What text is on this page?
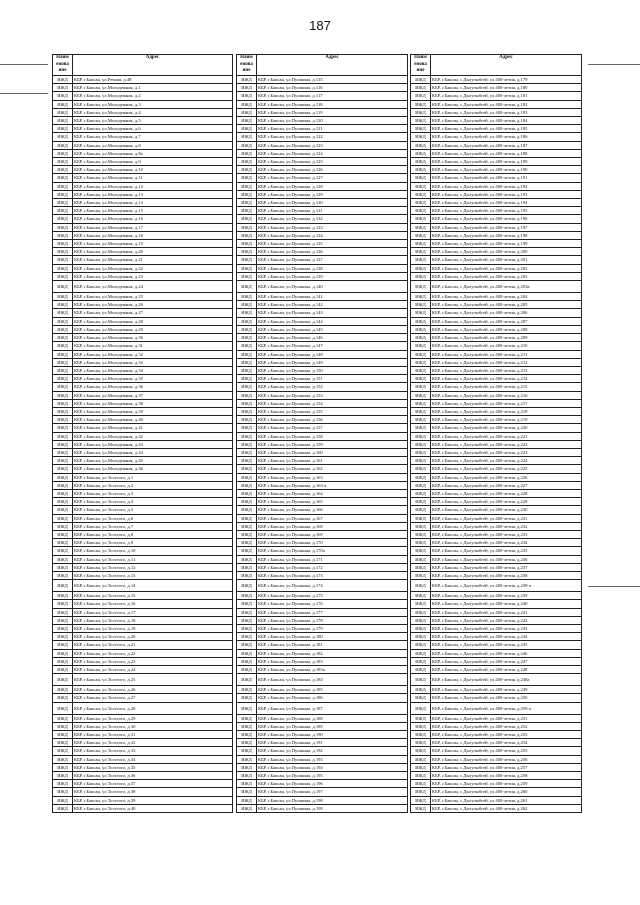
187
Наим енова ние	Адрес
ИЖД	КБР, г.Баксан, ул.Речная, д.48
ИЖД	КБР, г.Баксан, ул.Молодежная, д.1
ИЖД	КБР, г.Баксан, ул.Молодежная, д.2
ИЖД	КБР, г.Баксан, ул.Молодежная, д.3
ИЖД	КБР, г.Баксан, ул.Молодежная, д.4
ИЖД	КБР, г.Баксан, ул.Молодежная, д.5
ИЖД	КБР, г.Баксан, ул.Молодежная, д.6
ИЖД	КБР, г.Баксан, ул.Молодежная, д.7
ИЖД	КБР, г.Баксан, ул.Молодежная, д.8
ИЖД	КБР, г.Баксан, ул.Молодежная, д.8а
ИЖД	КБР, г.Баксан, ул.Молодежная, д.9
ИЖД	КБР, г.Баксан, ул.Молодежная, д.10
ИЖД	КБР, г.Баксан, ул.Молодежная, д.11
ИЖД	КБР, г.Баксан, ул.Молодежная, д.12
ИЖД	КБР, г.Баксан, ул.Молодежная, д.13
ИЖД	КБР, г.Баксан, ул.Молодежная, д.14
ИЖД	КБР, г.Баксан, ул.Молодежная, д.15
ИЖД	КБР, г.Баксан, ул.Молодежная, д.16
ИЖД	КБР, г.Баксан, ул.Молодежная, д.17
ИЖД	КБР, г.Баксан, ул.Молодежная, д.18
ИЖД	КБР, г.Баксан, ул.Молодежная, д.19
ИЖД	КБР, г.Баксан, ул.Молодежная, д.20
ИЖД	КБР, г.Баксан, ул.Молодежная, д.21
ИЖД	КБР, г.Баксан, ул.Молодежная, д.22
ИЖД	КБР, г.Баксан, ул.Молодежная, д.23
ИЖД	КБР, г.Баксан, ул.Молодежная, д.24
ИЖД	КБР, г.Баксан, ул.Молодежная, д.25
ИЖД	КБР, г.Баксан, ул.Молодежная, д.26
ИЖД	КБР, г.Баксан, ул.Молодежная, д.27
ИЖД	КБР, г.Баксан, ул.Молодежная, д.28
ИЖД	КБР, г.Баксан, ул.Молодежная, д.29
ИЖД	КБР, г.Баксан, ул.Молодежная, д.30
ИЖД	КБР, г.Баксан, ул.Молодежная, д.31
ИЖД	КБР, г.Баксан, ул.Молодежная, д.32
ИЖД	КБР, г.Баксан, ул.Молодежная, д.33
ИЖД	КБР, г.Баксан, ул.Молодежная, д.34
ИЖД	КБР, г.Баксан, ул.Молодежная, д.35
ИЖД	КБР, г.Баксан, ул.Молодежная, д.36
ИЖД	КБР, г.Баксан, ул.Молодежная, д.37
ИЖД	КБР, г.Баксан, ул.Молодежная, д.38
ИЖД	КБР, г.Баксан, ул.Молодежная, д.39
ИЖД	КБР, г.Баксан, ул.Молодежная, д.40
ИЖД	КБР, г.Баксан, ул.Молодежная, д.41
ИЖД	КБР, г.Баксан, ул.Молодежная, д.42
ИЖД	КБР, г.Баксан, ул.Молодежная, д.43
ИЖД	КБР, г.Баксан, ул.Молодежная, д.44
ИЖД	КБР, г.Баксан, ул.Молодежная, д.45
ИЖД	КБР, г.Баксан, ул.Молодежная, д.46
ИЖД	КБР, г.Баксан, ул.Толстого, д.1
ИЖД	КБР, г.Баксан, ул.Толстого, д.2
ИЖД	КБР, г.Баксан, ул.Толстого, д.3
ИЖД	КБР, г.Баксан, ул.Толстого, д.4
ИЖД	КБР, г.Баксан, ул.Толстого, д.5
ИЖД	КБР, г.Баксан, ул.Толстого, д.6
ИЖД	КБР, г.Баксан, ул.Толстого, д.7
ИЖД	КБР, г.Баксан, ул.Толстого, д.8
ИЖД	КБР, г.Баксан, ул.Толстого, д.9
ИЖД	КБР, г.Баксан, ул.Толстого, д.10
ИЖД	КБР, г.Баксан, ул.Толстого, д.11
ИЖД	КБР, г.Баксан, ул.Толстого, д.12
ИЖД	КБР, г.Баксан, ул.Толстого, д.13
ИЖД	КБР, г.Баксан, ул.Толстого, д.14
ИЖД	КБР, г.Баксан, ул.Толстого, д.15
ИЖД	КБР, г.Баксан, ул.Толстого, д.16
ИЖД	КБР, г.Баксан, ул.Толстого, д.17
ИЖД	КБР, г.Баксан, ул.Толстого, д.18
ИЖД	КБР, г.Баксан, ул.Толстого, д.19
ИЖД	КБР, г.Баксан, ул.Толстого, д.20
ИЖД	КБР, г.Баксан, ул.Толстого, д.21
ИЖД	КБР, г.Баксан, ул.Толстого, д.22
ИЖД	КБР, г.Баксан, ул.Толстого, д.23
ИЖД	КБР, г.Баксан, ул.Толстого, д.24
ИЖД	КБР, г.Баксан, ул.Толстого, д.25
ИЖД	КБР, г.Баксан, ул.Толстого, д.26
ИЖД	КБР, г.Баксан, ул.Толстого, д.27
ИЖД	КБР, г.Баксан, ул.Толстого, д.28
ИЖД	КБР, г.Баксан, ул.Толстого, д.29
ИЖД	КБР, г.Баксан, ул.Толстого, д.30
ИЖД	КБР, г.Баксан, ул.Толстого, д.31
ИЖД	КБР, г.Баксан, ул.Толстого, д.32
ИЖД	КБР, г.Баксан, ул.Толстого, д.33
ИЖД	КБР, г.Баксан, ул.Толстого, д.34
ИЖД	КБР, г.Баксан, ул.Толстого, д.35
ИЖД	КБР, г.Баксан, ул.Толстого, д.36
ИЖД	КБР, г.Баксан, ул.Толстого, д.37
ИЖД	КБР, г.Баксан, ул.Толстого, д.38
ИЖД	КБР, г.Баксан, ул.Толстого, д.39
ИЖД	КБР, г.Баксан, ул.Толстого, д.40
Наим енова ние	Адрес
ИЖД	КБР, г.Баксан, ул.Пушкина, д.115
ИЖД	КБР, г.Баксан, ул.Пушкина, д.116
ИЖД	КБР, г.Баксан, ул.Пушкина, д.117
ИЖД	КБР, г.Баксан, ул.Пушкина, д.118
ИЖД	КБР, г.Баксан, ул.Пушкина, д.119
ИЖД	КБР, г.Баксан, ул.Пушкина, д.120
ИЖД	КБР, г.Баксан, ул.Пушкина, д.121
ИЖД	КБР, г.Баксан, ул.Пушкина, д.122
ИЖД	КБР, г.Баксан, ул.Пушкина, д.123
ИЖД	КБР, г.Баксан, ул.Пушкина, д.124
ИЖД	КБР, г.Баксан, ул.Пушкина, д.125
ИЖД	КБР, г.Баксан, ул.Пушкина, д.126
ИЖД	КБР, г.Баксан, ул.Пушкина, д.127
ИЖД	КБР, г.Баксан, ул.Пушкина, д.128
ИЖД	КБР, г.Баксан, ул.Пушкина, д.129
ИЖД	КБР, г.Баксан, ул.Пушкина, д.130
ИЖД	КБР, г.Баксан, ул.Пушкина, д.131
ИЖД	КБР, г.Баксан, ул.Пушкина, д.132
ИЖД	КБР, г.Баксан, ул.Пушкина, д.133
ИЖД	КБР, г.Баксан, ул.Пушкина, д.134
ИЖД	КБР, г.Баксан, ул.Пушкина, д.135
ИЖД	КБР, г.Баксан, ул.Пушкина, д.136
ИЖД	КБР, г.Баксан, ул.Пушкина, д.137
ИЖД	КБР, г.Баксан, ул.Пушкина, д.138
ИЖД	КБР, г.Баксан, ул.Пушкина, д.139
ИЖД	КБР, г.Баксан, ул.Пушкина, д.140
ИЖД	КБР, г.Баксан, ул.Пушкина, д.141
ИЖД	КБР, г.Баксан, ул.Пушкина, д.142
ИЖД	КБР, г.Баксан, ул.Пушкина, д.143
ИЖД	КБР, г.Баксан, ул.Пушкина, д.144
ИЖД	КБР, г.Баксан, ул.Пушкина, д.145
ИЖД	КБР, г.Баксан, ул.Пушкина, д.146
ИЖД	КБР, г.Баксан, ул.Пушкина, д.147
ИЖД	КБР, г.Баксан, ул.Пушкина, д.148
ИЖД	КБР, г.Баксан, ул.Пушкина, д.149
ИЖД	КБР, г.Баксан, ул.Пушкина, д.150
ИЖД	КБР, г.Баксан, ул.Пушкина, д.151
ИЖД	КБР, г.Баксан, ул.Пушкина, д.152
ИЖД	КБР, г.Баксан, ул.Пушкина, д.153
ИЖД	КБР, г.Баксан, ул.Пушкина, д.154
ИЖД	КБР, г.Баксан, ул.Пушкина, д.155
ИЖД	КБР, г.Баксан, ул.Пушкина, д.156
ИЖД	КБР, г.Баксан, ул.Пушкина, д.157
ИЖД	КБР, г.Баксан, ул.Пушкина, д.158
ИЖД	КБР, г.Баксан, ул.Пушкина, д.159
ИЖД	КБР, г.Баксан, ул.Пушкина, д.160
ИЖД	КБР, г.Баксан, ул.Пушкина, д.161
ИЖД	КБР, г.Баксан, ул.Пушкина, д.162
ИЖД	КБР, г.Баксан, ул.Пушкина, д.163
ИЖД	КБР, г.Баксан, ул.Пушкина, д.163-а
ИЖД	КБР, г.Баксан, ул.Пушкина, д.164
ИЖД	КБР, г.Баксан, ул.Пушкина, д.165
ИЖД	КБР, г.Баксан, ул.Пушкина, д.166
ИЖД	КБР, г.Баксан, ул.Пушкина, д.167
ИЖД	КБР, г.Баксан, ул.Пушкина, д.168
ИЖД	КБР, г.Баксан, ул.Пушкина, д.169
ИЖД	КБР, г.Баксан, ул.Пушкина, д.170
ИЖД	КБР, г.Баксан, ул.Пушкина, д.170а
ИЖД	КБР, г.Баксан, ул.Пушкина, д.171
ИЖД	КБР, г.Баксан, ул.Пушкина, д.172
ИЖД	КБР, г.Баксан, ул.Пушкина, д.173
ИЖД	КБР, г.Баксан, ул.Пушкина, д.174
ИЖД	КБР, г.Баксан, ул.Пушкина, д.175
ИЖД	КБР, г.Баксан, ул.Пушкина, д.176
ИЖД	КБР, г.Баксан, ул.Пушкина, д.177
ИЖД	КБР, г.Баксан, ул.Пушкина, д.178
ИЖД	КБР, г.Баксан, ул.Пушкина, д.179
ИЖД	КБР, г.Баксан, ул.Пушкина, д.180
ИЖД	КБР, г.Баксан, ул.Пушкина, д.181
ИЖД	КБР, г.Баксан, ул.Пушкина, д.182
ИЖД	КБР, г.Баксан, ул.Пушкина, д.183
ИЖД	КБР, г.Баксан, ул.Пушкина, д.183а
ИЖД	КБР, г.Баксан, ул.Пушкина, д.184
ИЖД	КБР, г.Баксан, ул.Пушкина, д.185
ИЖД	КБР, г.Баксан, ул.Пушкина, д.186
ИЖД	КБР, г.Баксан, ул.Пушкина, д.187
ИЖД	КБР, г.Баксан, ул.Пушкина, д.188
ИЖД	КБР, г.Баксан, ул.Пушкина, д.189
ИЖД	КБР, г.Баксан, ул.Пушкина, д.190
ИЖД	КБР, г.Баксан, ул.Пушкина, д.191
ИЖД	КБР, г.Баксан, ул.Пушкина, д.192
ИЖД	КБР, г.Баксан, ул.Пушкина, д.193
ИЖД	КБР, г.Баксан, ул.Пушкина, д.194
ИЖД	КБР, г.Баксан, ул.Пушкина, д.195
ИЖД	КБР, г.Баксан, ул.Пушкина, д.196
ИЖД	КБР, г.Баксан, ул.Пушкина, д.197
ИЖД	КБР, г.Баксан, ул.Пушкина, д.198
ИЖД	КБР, г.Баксан, ул.Пушкина, д.199
Наим енова ние	Адрес
ИЖД	КБР, г.Баксан, с.Дыгулыбгей, ул.400-летия, д.179
ИЖД	КБР, г.Баксан, с.Дыгулыбгей, ул.400-летия, д.180
ИЖД	КБР, г.Баксан, с.Дыгулыбгей, ул.400-летия, д.181
ИЖД	КБР, г.Баксан, с.Дыгулыбгей, ул.400-летия, д.182
ИЖД	КБР, г.Баксан, с.Дыгулыбгей, ул.400-летия, д.183
ИЖД	КБР, г.Баксан, с.Дыгулыбгей, ул.400-летия, д.184
ИЖД	КБР, г.Баксан, с.Дыгулыбгей, ул.400-летия, д.185
ИЖД	КБР, г.Баксан, с.Дыгулыбгей, ул.400-летия, д.186
ИЖД	КБР, г.Баксан, с.Дыгулыбгей, ул.400-летия, д.187
ИЖД	КБР, г.Баксан, с.Дыгулыбгей, ул.400-летия, д.188
ИЖД	КБР, г.Баксан, с.Дыгулыбгей, ул.400-летия, д.189
ИЖД	КБР, г.Баксан, с.Дыгулыбгей, ул.400-летия, д.190
ИЖД	КБР, г.Баксан, с.Дыгулыбгей, ул.400-летия, д.191
ИЖД	КБР, г.Баксан, с.Дыгулыбгей, ул.400-летия, д.192
ИЖД	КБР, г.Баксан, с.Дыгулыбгей, ул.400-летия, д.193
ИЖД	КБР, г.Баксан, с.Дыгулыбгей, ул.400-летия, д.194
ИЖД	КБР, г.Баксан, с.Дыгулыбгей, ул.400-летия, д.195
ИЖД	КБР, г.Баксан, с.Дыгулыбгей, ул.400-летия, д.196
ИЖД	КБР, г.Баксан, с.Дыгулыбгей, ул.400-летия, д.197
ИЖД	КБР, г.Баксан, с.Дыгулыбгей, ул.400-летия, д.198
ИЖД	КБР, г.Баксан, с.Дыгулыбгей, ул.400-летия, д.199
ИЖД	КБР, г.Баксан, с.Дыгулыбгей, ул.400-летия, д.200
ИЖД	КБР, г.Баксан, с.Дыгулыбгей, ул.400-летия, д.201
ИЖД	КБР, г.Баксан, с.Дыгулыбгей, ул.400-летия, д.202
ИЖД	КБР, г.Баксан, с.Дыгулыбгей, ул.400-летия, д.203
ИЖД	КБР, г.Баксан, с.Дыгулыбгей, ул.400-летия, д.203а
ИЖД	КБР, г.Баксан, с.Дыгулыбгей, ул.400-летия, д.204
ИЖД	КБР, г.Баксан, с.Дыгулыбгей, ул.400-летия, д.205
ИЖД	КБР, г.Баксан, с.Дыгулыбгей, ул.400-летия, д.206
ИЖД	КБР, г.Баксан, с.Дыгулыбгей, ул.400-летия, д.207
ИЖД	КБР, г.Баксан, с.Дыгулыбгей, ул.400-летия, д.208
ИЖД	КБР, г.Баксан, с.Дыгулыбгей, ул.400-летия, д.209
ИЖД	КБР, г.Баксан, с.Дыгулыбгей, ул.400-летия, д.210
ИЖД	КБР, г.Баксан, с.Дыгулыбгей, ул.400-летия, д.211
ИЖД	КБР, г.Баксан, с.Дыгулыбгей, ул.400-летия, д.212
ИЖД	КБР, г.Баксан, с.Дыгулыбгей, ул.400-летия, д.213
ИЖД	КБР, г.Баксан, с.Дыгулыбгей, ул.400-летия, д.214
ИЖД	КБР, г.Баксан, с.Дыгулыбгей, ул.400-летия, д.215
ИЖД	КБР, г.Баксан, с.Дыгулыбгей, ул.400-летия, д.216
ИЖД	КБР, г.Баксан, с.Дыгулыбгей, ул.400-летия, д.217
ИЖД	КБР, г.Баксан, с.Дыгулыбгей, ул.400-летия, д.218
ИЖД	КБР, г.Баксан, с.Дыгулыбгей, ул.400-летия, д.219
ИЖД	КБР, г.Баксан, с.Дыгулыбгей, ул.400-летия, д.220
ИЖД	КБР, г.Баксан, с.Дыгулыбгей, ул.400-летия, д.221
ИЖД	КБР, г.Баксан, с.Дыгулыбгей, ул.400-летия, д.222
ИЖД	КБР, г.Баксан, с.Дыгулыбгей, ул.400-летия, д.223
ИЖД	КБР, г.Баксан, с.Дыгулыбгей, ул.400-летия, д.224
ИЖД	КБР, г.Баксан, с.Дыгулыбгей, ул.400-летия, д.225
ИЖД	КБР, г.Баксан, с.Дыгулыбгей, ул.400-летия, д.226
ИЖД	КБР, г.Баксан, с.Дыгулыбгей, ул.400-летия, д.227
ИЖД	КБР, г.Баксан, с.Дыгулыбгей, ул.400-летия, д.228
ИЖД	КБР, г.Баксан, с.Дыгулыбгей, ул.400-летия, д.229
ИЖД	КБР, г.Баксан, с.Дыгулыбгей, ул.400-летия, д.230
ИЖД	КБР, г.Баксан, с.Дыгулыбгей, ул.400-летия, д.231
ИЖД	КБР, г.Баксан, с.Дыгулыбгей, ул.400-летия, д.232
ИЖД	КБР, г.Баксан, с.Дыгулыбгей, ул.400-летия, д.233
ИЖД	КБР, г.Баксан, с.Дыгулыбгей, ул.400-летия, д.234
ИЖД	КБР, г.Баксан, с.Дыгулыбгей, ул.400-летия, д.235
ИЖД	КБР, г.Баксан, с.Дыгулыбгей, ул.400-летия, д.236
ИЖД	КБР, г.Баксан, с.Дыгулыбгей, ул.400-летия, д.237
ИЖД	КБР, г.Баксан, с.Дыгулыбгей, ул.400-летия, д.238
ИЖД	КБР, г.Баксан, с.Дыгулыбгей, ул.400-летия, д.238-а
ИЖД	КБР, г.Баксан, с.Дыгулыбгей, ул.400-летия, д.239
ИЖД	КБР, г.Баксан, с.Дыгулыбгей, ул.400-летия, д.240
ИЖД	КБР, г.Баксан, с.Дыгулыбгей, ул.400-летия, д.241
ИЖД	КБР, г.Баксан, с.Дыгулыбгей, ул.400-летия, д.242
ИЖД	КБР, г.Баксан, с.Дыгулыбгей, ул.400-летия, д.243
ИЖД	КБР, г.Баксан, с.Дыгулыбгей, ул.400-летия, д.244
ИЖД	КБР, г.Баксан, с.Дыгулыбгей, ул.400-летия, д.245
ИЖД	КБР, г.Баксан, с.Дыгулыбгей, ул.400-летия, д.246
ИЖД	КБР, г.Баксан, с.Дыгулыбгей, ул.400-летия, д.247
ИЖД	КБР, г.Баксан, с.Дыгулыбгей, ул.400-летия, д.248
ИЖД	КБР, г.Баксан, с.Дыгулыбгей, ул.400-летия, д.248а
ИЖД	КБР, г.Баксан, с.Дыгулыбгей, ул.400-летия, д.249
ИЖД	КБР, г.Баксан, с.Дыгулыбгей, ул.400-летия, д.250
ИЖД	КБР, г.Баксан, с.Дыгулыбгей, ул.400-летия, д.250-а
ИЖД	КБР, г.Баксан, с.Дыгулыбгей, ул.400-летия, д.251
ИЖД	КБР, г.Баксан, с.Дыгулыбгей, ул.400-летия, д.252
ИЖД	КБР, г.Баксан, с.Дыгулыбгей, ул.400-летия, д.253
ИЖД	КБР, г.Баксан, с.Дыгулыбгей, ул.400-летия, д.254
ИЖД	КБР, г.Баксан, с.Дыгулыбгей, ул.400-летия, д.255
ИЖД	КБР, г.Баксан, с.Дыгулыбгей, ул.400-летия, д.256
ИЖД	КБР, г.Баксан, с.Дыгулыбгей, ул.400-летия, д.257
ИЖД	КБР, г.Баксан, с.Дыгулыбгей, ул.400-летия, д.258
ИЖД	КБР, г.Баксан, с.Дыгулыбгей, ул.400-летия, д.259
ИЖД	КБР, г.Баксан, с.Дыгулыбгей, ул.400-летия, д.260
ИЖД	КБР, г.Баксан, с.Дыгулыбгей, ул.400-летия, д.261
ИЖД	КБР, г.Баксан, с.Дыгулыбгей, ул.400-летия, д.262
